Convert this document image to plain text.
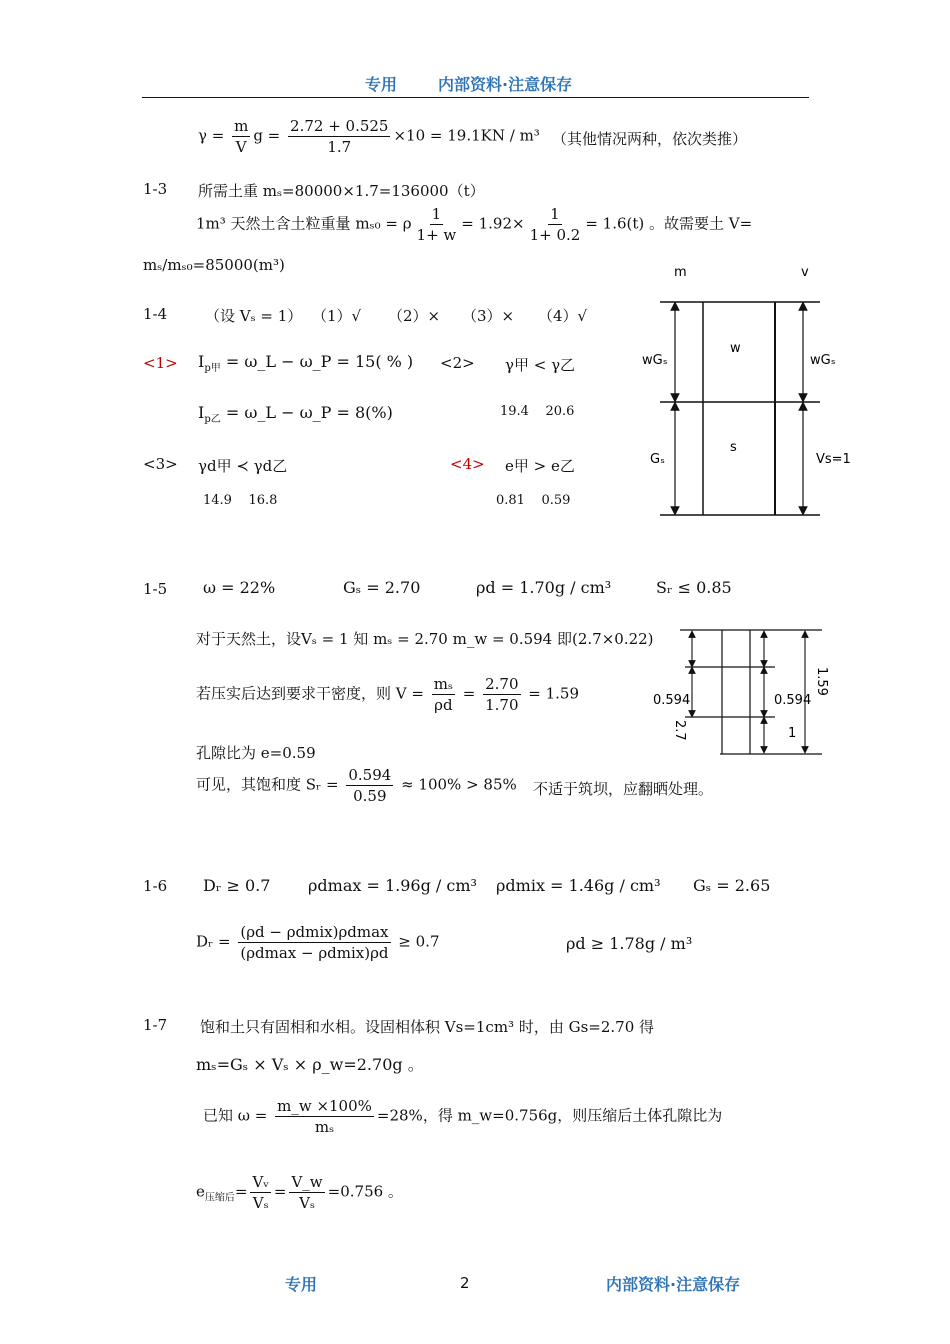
专用	内部资料·注意保存
$\gamma = \frac{m}{V}$ $g = \frac{2.72 + 0.525}{1.7} \times 10 = 19.1KN / m^3$ （其他情况两种，依次类推）
1-3 所需土重 mₛ=80000×1.7=136000（t）
1m³ 天然土含土粒重量 mₛ₀ = ρ $\frac{1}{1+ w} = 1.92\times \frac{1}{1+ 0.2} = 1.6(t)$ 。故需要土 V=
mₛ/mₛ₀=85000(m³)
1-4	（设 Vₛ = 1） （1）√ （2）× （3）× （4）√
$<1> I_{p甲}$ = ω_L − ω_P = 15( % ) <2> γ甲 < γ乙
$I_{p乙}$ = ω_L − ω_P = 8(%)	19.4    20.6
<3> γd甲 ≺ γd乙	<4> e甲 > e乙
14.9    16.8	0.81    0.59
m	v
w
s
wGₛ	wGₛ
Gₛ	Vs=1
1-5 ω = 22%	Gₛ = 2.70	ρd = 1.70g / cm³	Sᵣ ≤ 0.85
对于天然土，设Vₛ = 1 知 mₛ = 2.70 m_w = 0.594 即(2.7×0.22)
若压实后达到要求干密度，则 $V = \frac{\text{mₛ}}{\rho d} = \frac{2.70}{1.70} = 1.59$
孔隙比为 e=0.59
可见，其饱和度 Sᵣ = $\frac{0.594}{0.59} \approx 100\% > 85\%$ 不适于筑坝，应翻晒处理。
0.594	0.594
1.59
2.7	1
1-6 Dᵣ ≥ 0.7 ρdmax = 1.96g / cm³ ρdmix = 1.46g / cm³ Gₛ = 2.65
Dᵣ = $\frac{\text{(ρd − ρdmix)ρdmax}}{\text{(ρdmax − ρdmix)ρd}} \ge 0.7$	ρd ≥ 1.78g / m³
1-7 饱和土只有固相和水相。设固相体积 Vs=1cm³ 时，由 Gs=2.70 得
mₛ=Gₛ × Vₛ × ρ_w=2.70g 。
已知 $\omega = \frac{m\_w \times 100\%}{\text{mₛ}} =28\%$，得 m_w=0.756g，则压缩后土体孔隙比为
$e_{压缩后}= \frac{\text{Vᵥ}}{\text{Vₛ}} = \frac{V\_w}{\text{Vₛ}} =0.756$ 。
专用	2	内部资料·注意保存
